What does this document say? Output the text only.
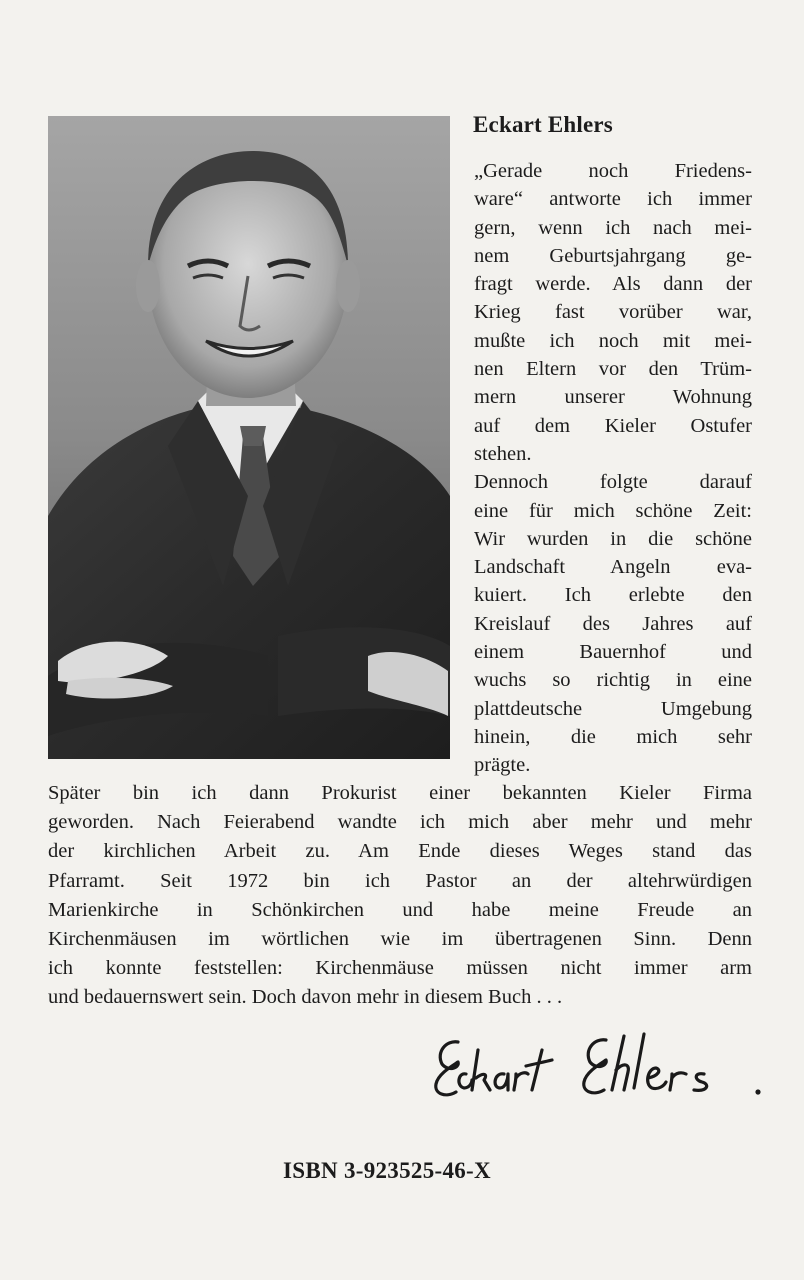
Eckart Ehlers

„Gerade noch Friedens-
ware“ antworte ich immer
gern, wenn ich nach mei-
nem Geburtsjahrgang ge-
fragt werde. Als dann der
Krieg fast vorüber war,
mußte ich noch mit mei-
nen Eltern vor den Trüm-
mern unserer Wohnung
auf dem Kieler Ostufer
stehen.
Dennoch folgte darauf
eine für mich schöne Zeit:
Wir wurden in die schöne
Landschaft Angeln eva-
kuiert. Ich erlebte den
Kreislauf des Jahres auf
einem Bauernhof und
wuchs so richtig in eine
plattdeutsche Umgebung
hinein, die mich sehr
prägte.

Später bin ich dann Prokurist einer bekannten Kieler Firma
geworden. Nach Feierabend wandte ich mich aber mehr und mehr
der kirchlichen Arbeit zu. Am Ende dieses Weges stand das
Pfarramt. Seit 1972 bin ich Pastor an der altehrwürdigen
Marienkirche in Schönkirchen und habe meine Freude an
Kirchenmäusen im wörtlichen wie im übertragenen Sinn. Denn
ich konnte feststellen: Kirchenmäuse müssen nicht immer arm
und bedauernswert sein. Doch davon mehr in diesem Buch . . .

ISBN 3-923525-46-X
